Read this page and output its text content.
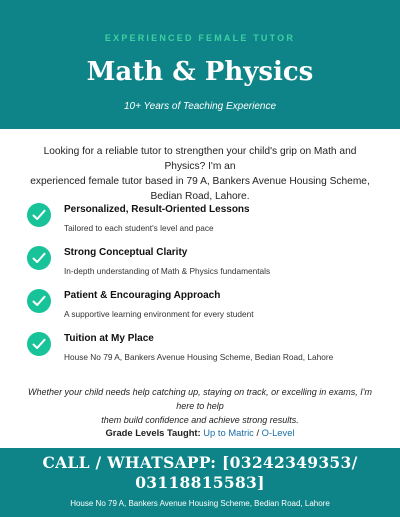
EXPERIENCED FEMALE TUTOR
Math & Physics
10+ Years of Teaching Experience
Looking for a reliable tutor to strengthen your child's grip on Math and Physics? I'm an
experienced female tutor based in 79 A, Bankers Avenue Housing Scheme, Bedian Road, Lahore.
Personalized, Result-Oriented Lessons
Tailored to each student's level and pace
Strong Conceptual Clarity
In-depth understanding of Math & Physics fundamentals
Patient & Encouraging Approach
A supportive learning environment for every student
Tuition at My Place
House No 79 A, Bankers Avenue Housing Scheme, Bedian Road, Lahore
Whether your child needs help catching up, staying on track, or excelling in exams, I'm here to help
them build confidence and achieve strong results.
Grade Levels Taught: Up to Matric / O-Level
CALL / WHATSAPP: [03242349353/
03118815583]
House No 79 A, Bankers Avenue Housing Scheme, Bedian Road, Lahore
